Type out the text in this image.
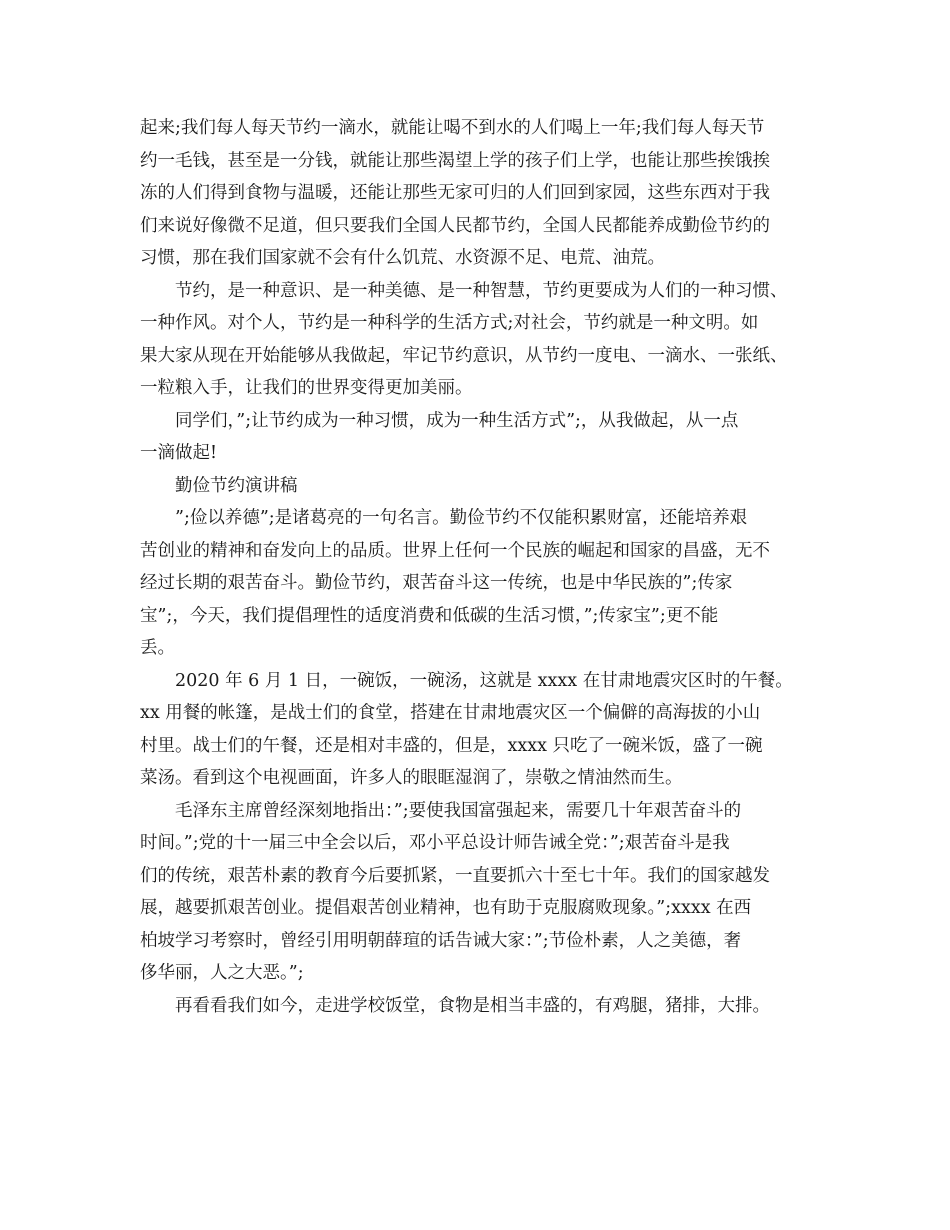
起来;我们每人每天节约一滴水，就能让喝不到水的人们喝上一年;我们每人每天节
约一毛钱，甚至是一分钱，就能让那些渴望上学的孩子们上学，也能让那些挨饿挨
冻的人们得到食物与温暖，还能让那些无家可归的人们回到家园，这些东西对于我
们来说好像微不足道，但只要我们全国人民都节约，全国人民都能养成勤俭节约的
习惯，那在我们国家就不会有什么饥荒、水资源不足、电荒、油荒。
节约，是一种意识、是一种美德、是一种智慧，节约更要成为人们的一种习惯、
一种作风。对个人，节约是一种科学的生活方式;对社会，节约就是一种文明。如
果大家从现在开始能够从我做起，牢记节约意识，从节约一度电、一滴水、一张纸、
一粒粮入手，让我们的世界变得更加美丽。
同学们，”;让节约成为一种习惯，成为一种生活方式”;，从我做起，从一点
一滴做起!
勤俭节约演讲稿
”;俭以养德”;是诸葛亮的一句名言。勤俭节约不仅能积累财富，还能培养艰
苦创业的精神和奋发向上的品质。世界上任何一个民族的崛起和国家的昌盛，无不
经过长期的艰苦奋斗。勤俭节约，艰苦奋斗这一传统，也是中华民族的”;传家
宝”;，今天，我们提倡理性的适度消费和低碳的生活习惯，”;传家宝”;更不能
丢。
2020 年 6 月 1 日，一碗饭，一碗汤，这就是 xxxx 在甘肃地震灾区时的午餐。
xx 用餐的帐篷，是战士们的食堂，搭建在甘肃地震灾区一个偏僻的高海拔的小山
村里。战士们的午餐，还是相对丰盛的，但是，xxxx 只吃了一碗米饭，盛了一碗
菜汤。看到这个电视画面，许多人的眼眶湿润了，崇敬之情油然而生。
毛泽东主席曾经深刻地指出：”;要使我国富强起来，需要几十年艰苦奋斗的
时间。”;党的十一届三中全会以后，邓小平总设计师告诫全党：”;艰苦奋斗是我
们的传统，艰苦朴素的教育今后要抓紧，一直要抓六十至七十年。我们的国家越发
展，越要抓艰苦创业。提倡艰苦创业精神，也有助于克服腐败现象。”;xxxx 在西
柏坡学习考察时，曾经引用明朝薛瑄的话告诫大家：”;节俭朴素，人之美德，奢
侈华丽，人之大恶。”;
再看看我们如今，走进学校饭堂，食物是相当丰盛的，有鸡腿，猪排，大排。
